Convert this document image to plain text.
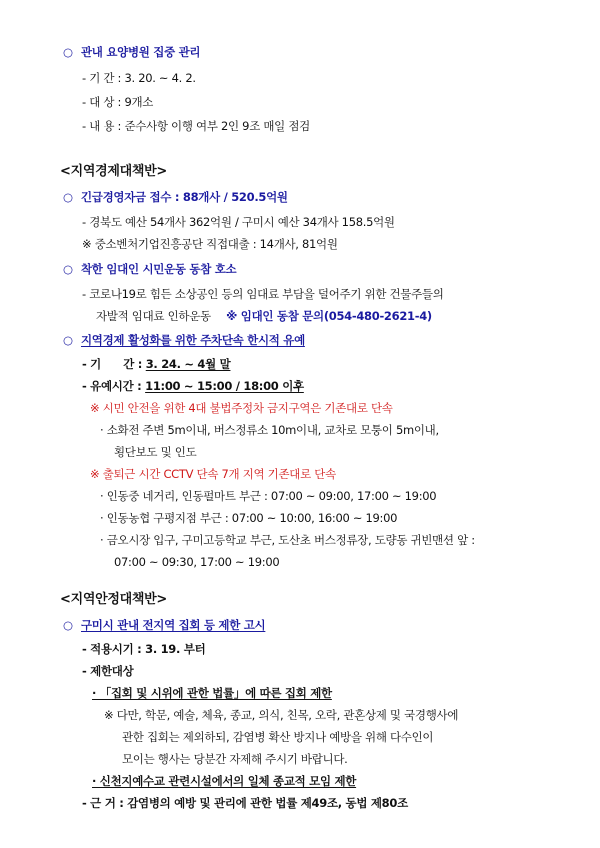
○ 관내 요양병원 집중 관리
- 기 간 : 3. 20. ~ 4. 2.
- 대 상 : 9개소
- 내 용 : 준수사항 이행 여부 2인 9조 매일 점검
<지역경제대책반>
○ 긴급경영자금 접수 : 88개사 / 520.5억원
- 경북도 예산 54개사 362억원 / 구미시 예산 34개사 158.5억원
※ 중소벤처기업진흥공단 직접대출 : 14개사, 81억원
○ 착한 임대인 시민운동 동참 호소
- 코로나19로 힘든 소상공인 등의 임대료 부담을 덜어주기 위한 건물주들의
자발적 임대료 인하운동 ※ 임대인 동참 문의(054-480-2621-4)
○ 지역경제 활성화를 위한 주차단속 한시적 유예
- 기      간 : 3. 24. ~ 4월 말
- 유예시간 : 11:00 ~ 15:00 / 18:00 이후
※ 시민 안전을 위한 4대 불법주정차 금지구역은 기존대로 단속
· 소화전 주변 5m이내, 버스정류소 10m이내, 교차로 모퉁이 5m이내,
횡단보도 및 인도
※ 출퇴근 시간 CCTV 단속 7개 지역 기존대로 단속
· 인동중 네거리, 인동펄마트 부근 : 07:00 ~ 09:00, 17:00 ~ 19:00
· 인동농협 구평지점 부근 : 07:00 ~ 10:00, 16:00 ~ 19:00
· 금오시장 입구, 구미고등학교 부근, 도산초 버스정류장, 도량동 귀빈맨션 앞 :
07:00 ~ 09:30, 17:00 ~ 19:00
<지역안정대책반>
○ 구미시 관내 전지역 집회 등 제한 고시
- 적용시기 : 3. 19. 부터
- 제한대상
· 「집회 및 시위에 관한 법률」에 따른 집회 제한
※ 다만, 학문, 예술, 체육, 종교, 의식, 친목, 오락, 관혼상제 및 국경행사에
관한 집회는 제외하되, 감염병 확산 방지나 예방을 위해 다수인이
모이는 행사는 당분간 자제해 주시기 바랍니다.
· 신천지예수교 관련시설에서의 일체 종교적 모임 제한
- 근 거 : 감염병의 예방 및 관리에 관한 법률 제49조, 동법 제80조
